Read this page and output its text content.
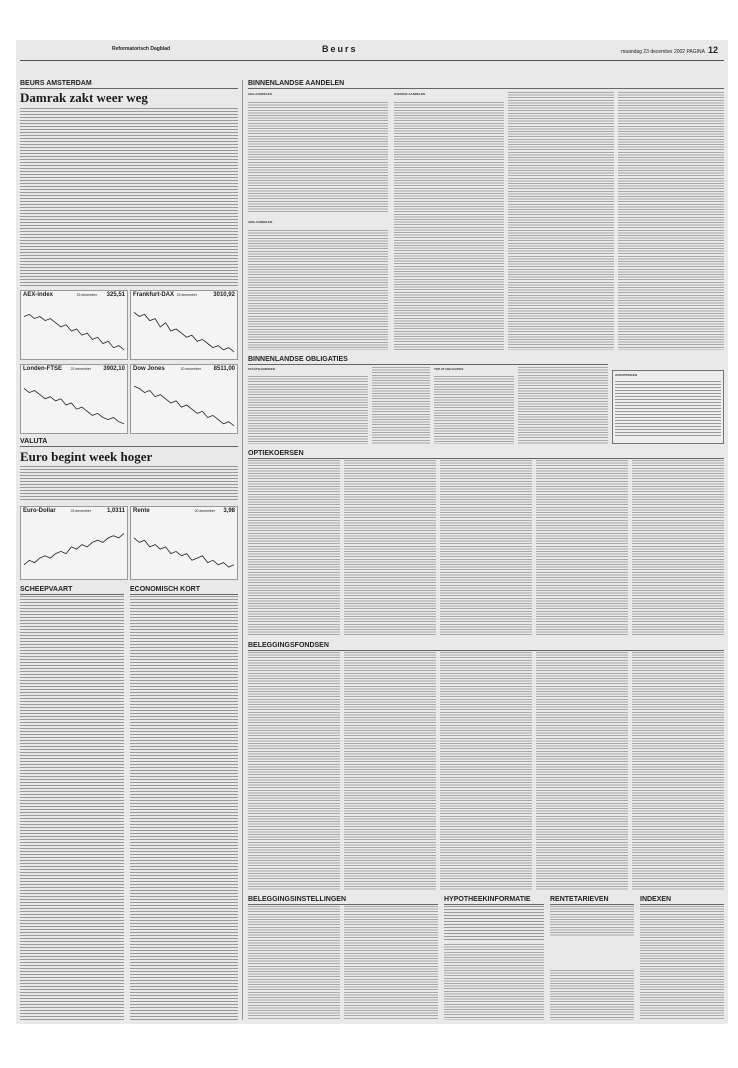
Reformatorisch Dagblad	Beurs	maandag 23 december 2002 PAGINA 12
BEURS AMSTERDAM
Damrak zakt weer weg
AEX-index	23 december 325,51 Frankfurt-DAX	3010,92
23 december
Londen-FTSE 23 december 3902,10 Dow Jones	20 december 8511,00
VALUTA
Euro begint week hoger
Euro-Dollar	23 december	1,0311 Rente	20 december 3,98
SCHEEPVAART	ECONOMISCH KORT
BINNENLANDSE AANDELEN
AEX-AANDELEN
AMX-AANDELEN
OVERIGE AANDELEN
BINNENLANDSE OBLIGATIES
STAATSLENINGEN	TOP-25 OBLIGATIES
AFKORTINGEN
OPTIEKOERSEN
BELEGGINGSFONDSEN
BELEGGINGSINSTELLINGEN	HYPOTHEEKINFORMATIE	RENTETARIEVEN	INDEXEN
